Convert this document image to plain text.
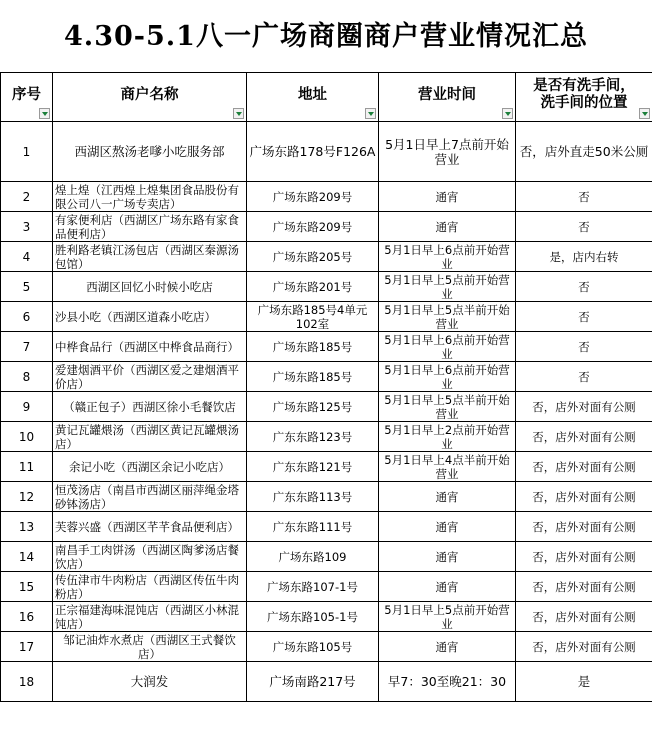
4.30-5.1八一广场商圈商户营业情况汇总
序号	商户名称	地址	营业时间	是否有洗手间，
洗手间的位置

1	西湖区熬汤老嗲小吃服务部	广场东路178号F126A	5月1日早上7点前开始营业	否，店外直走50米公厕
2	煌上煌（江西煌上煌集团食品股份有限公司八一广场专卖店）	广场东路209号	通宵	否
3	有家便利店（西湖区广场东路有家食品便利店）	广场东路209号	通宵	否
4	胜利路老镇江汤包店（西湖区秦源汤包馆）	广场东路205号	5月1日早上6点前开始营业	是，店内右转
5	西湖区回忆小时候小吃店	广场东路201号	5月1日早上5点前开始营业	否
6	沙县小吃（西湖区道森小吃店）	广场东路185号4单元102室	5月1日早上5点半前开始营业	否
7	中桦食品行（西湖区中桦食品商行）	广场东路185号	5月1日早上6点前开始营业	否
8	爱建烟酒平价（西湖区爱之建烟酒平价店）	广场东路185号	5月1日早上6点前开始营业	否
9	（赣正包子）西湖区徐小毛餐饮店	广场东路125号	5月1日早上5点半前开始营业	否，店外对面有公厕
10	黄记瓦罐煨汤（西湖区黄记瓦罐煨汤店）	广东东路123号	5月1日早上2点前开始营业	否，店外对面有公厕
11	余记小吃（西湖区余记小吃店）	广东东路121号	5月1日早上4点半前开始营业	否，店外对面有公厕
12	恒茂汤店（南昌市西湖区丽萍绳金塔砂钵汤店）	广东东路113号	通宵	否，店外对面有公厕
13	芙蓉兴盛（西湖区芊芊食品便利店）	广东东路111号	通宵	否，店外对面有公厕
14	南昌手工肉饼汤（西湖区陶爹汤店餐饮店）	广场东路109	通宵	否，店外对面有公厕
15	传伍津市牛肉粉店（西湖区传伍牛肉粉店）	广场东路107-1号	通宵	否，店外对面有公厕
16	正宗福建海味混饨店（西湖区小林混饨店）	广场东路105-1号	5月1日早上5点前开始营业	否，店外对面有公厕
17	邹记油炸水煮店（西湖区王式餐饮店）	广场东路105号	通宵	否，店外对面有公厕
18	大润发	广场南路217号	早7：30至晚21：30	是
